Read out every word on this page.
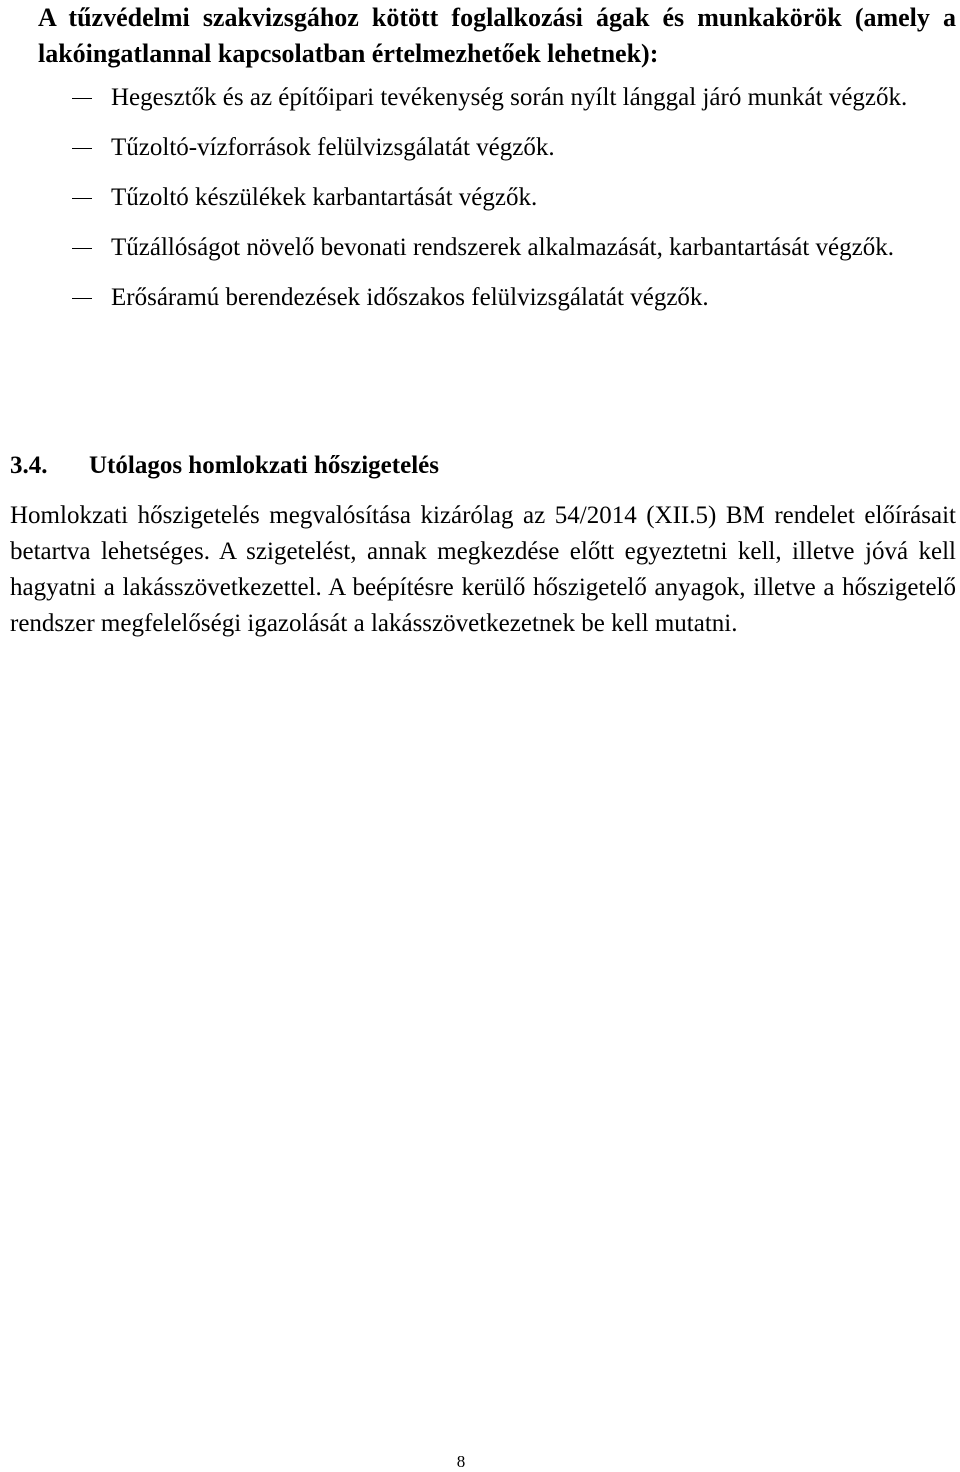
A tűzvédelmi szakvizsgához kötött foglalkozási ágak és munkakörök (amely a lakóingatlannal kapcsolatban értelmezhetőek lehetnek):
Hegesztők és az építőipari tevékenység során nyílt lánggal járó munkát végzők.
Tűzoltó-vízforrások felülvizsgálatát végzők.
Tűzoltó készülékek karbantartását végzők.
Tűzállóságot növelő bevonati rendszerek alkalmazását, karbantartását végzők.
Erősáramú berendezések időszakos felülvizsgálatát végzők.
3.4. Utólagos homlokzati hőszigetelés

Homlokzati hőszigetelés megvalósítása kizárólag az 54/2014 (XII.5) BM rendelet előírásait betartva lehetséges. A szigetelést, annak megkezdése előtt egyeztetni kell, illetve jóvá kell hagyatni a lakásszövetkezettel. A beépítésre kerülő hőszigetelő anyagok, illetve a hőszigetelő rendszer megfelelőségi igazolását a lakásszövetkezetnek be kell mutatni.

8
